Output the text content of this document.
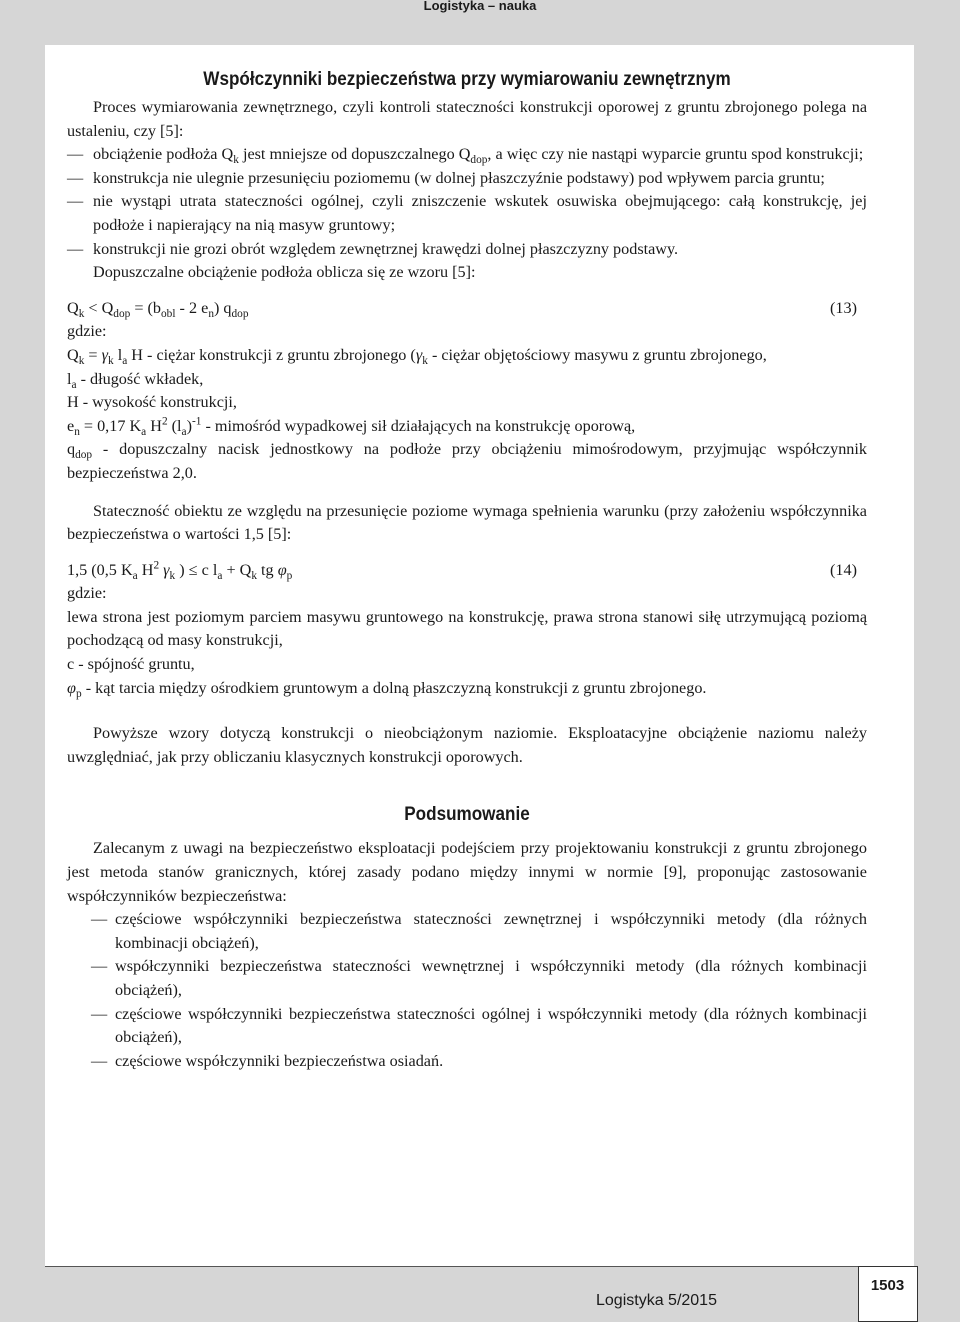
Logistyka – nauka
Współczynniki bezpieczeństwa przy wymiarowaniu zewnętrznym

Proces wymiarowania zewnętrznego, czyli kontroli stateczności konstrukcji oporowej z gruntu zbrojonego polega na ustaleniu, czy [5]:

— obciążenie podłoża $Q_k$ jest mniejsze od dopuszczalnego $Q_{dop}$, a więc czy nie nastąpi wyparcie gruntu spod konstrukcji;
— konstrukcja nie ulegnie przesunięciu poziomemu (w dolnej płaszczyźnie podstawy) pod wpływem parcia gruntu;
— nie wystąpi utrata stateczności ogólnej, czyli zniszczenie wskutek osuwiska obejmującego: całą konstrukcję, jej podłoże i napierający na nią masyw gruntowy;
— konstrukcji nie grozi obrót względem zewnętrznej krawędzi dolnej płaszczyzny podstawy.

Dopuszczalne obciążenie podłoża oblicza się ze wzoru [5]:

$Q_k < Q_{dop} = (b_{obl} - 2$ $e_n$) $q_{dop}$	(13)

gdzie:

$Q_k = \gamma_k$ $l_a$ H - ciężar konstrukcji z gruntu zbrojonego ($\gamma_k$ - ciężar objętościowy masywu z gruntu zbrojonego,

$l_a$ - długość wkładek,

H - wysokość konstrukcji,

$e_n = 0,17$ $K_a$ $H^2$ $(l_a)^{-1}$ - mimośród wypadkowej sił działających na konstrukcję oporową,

$q_{dop}$ - dopuszczalny nacisk jednostkowy na podłoże przy obciążeniu mimośrodowym, przyjmując współczynnik bezpieczeństwa 2,0.

Stateczność obiektu ze względu na przesunięcie poziome wymaga spełnienia warunku (przy założeniu współczynnika bezpieczeństwa o wartości 1,5 [5]:

1,5 (0,5 $K_a$ $H^2$ $\gamma_k$ ) ≤ c $l_a + Q_k$ tg $\varphi_p$	(14)

gdzie:

lewa strona jest poziomym parciem masywu gruntowego na konstrukcję, prawa strona stanowi siłę utrzymującą poziomą pochodzącą od masy konstrukcji,

c - spójność gruntu,

$\varphi_p$ - kąt tarcia między ośrodkiem gruntowym a dolną płaszczyzną konstrukcji z gruntu zbrojonego.

Powyższe wzory dotyczą konstrukcji o nieobciążonym naziomie. Eksploatacyjne obciążenie naziomu należy uwzględniać, jak przy obliczaniu klasycznych konstrukcji oporowych.

Podsumowanie

Zalecanym z uwagi na bezpieczeństwo eksploatacji podejściem przy projektowaniu konstrukcji z gruntu zbrojonego jest metoda stanów granicznych, której zasady podano między innymi w normie [9], proponując zastosowanie współczynników bezpieczeństwa:

— częściowe współczynniki bezpieczeństwa stateczności zewnętrznej i współczynniki metody (dla różnych kombinacji obciążeń),
— współczynniki bezpieczeństwa stateczności wewnętrznej i współczynniki metody (dla różnych kombinacji obciążeń),
— częściowe współczynniki bezpieczeństwa stateczności ogólnej i współczynniki metody (dla różnych kombinacji obciążeń),
— częściowe współczynniki bezpieczeństwa osiadań.
Logistyka 5/2015
1503
